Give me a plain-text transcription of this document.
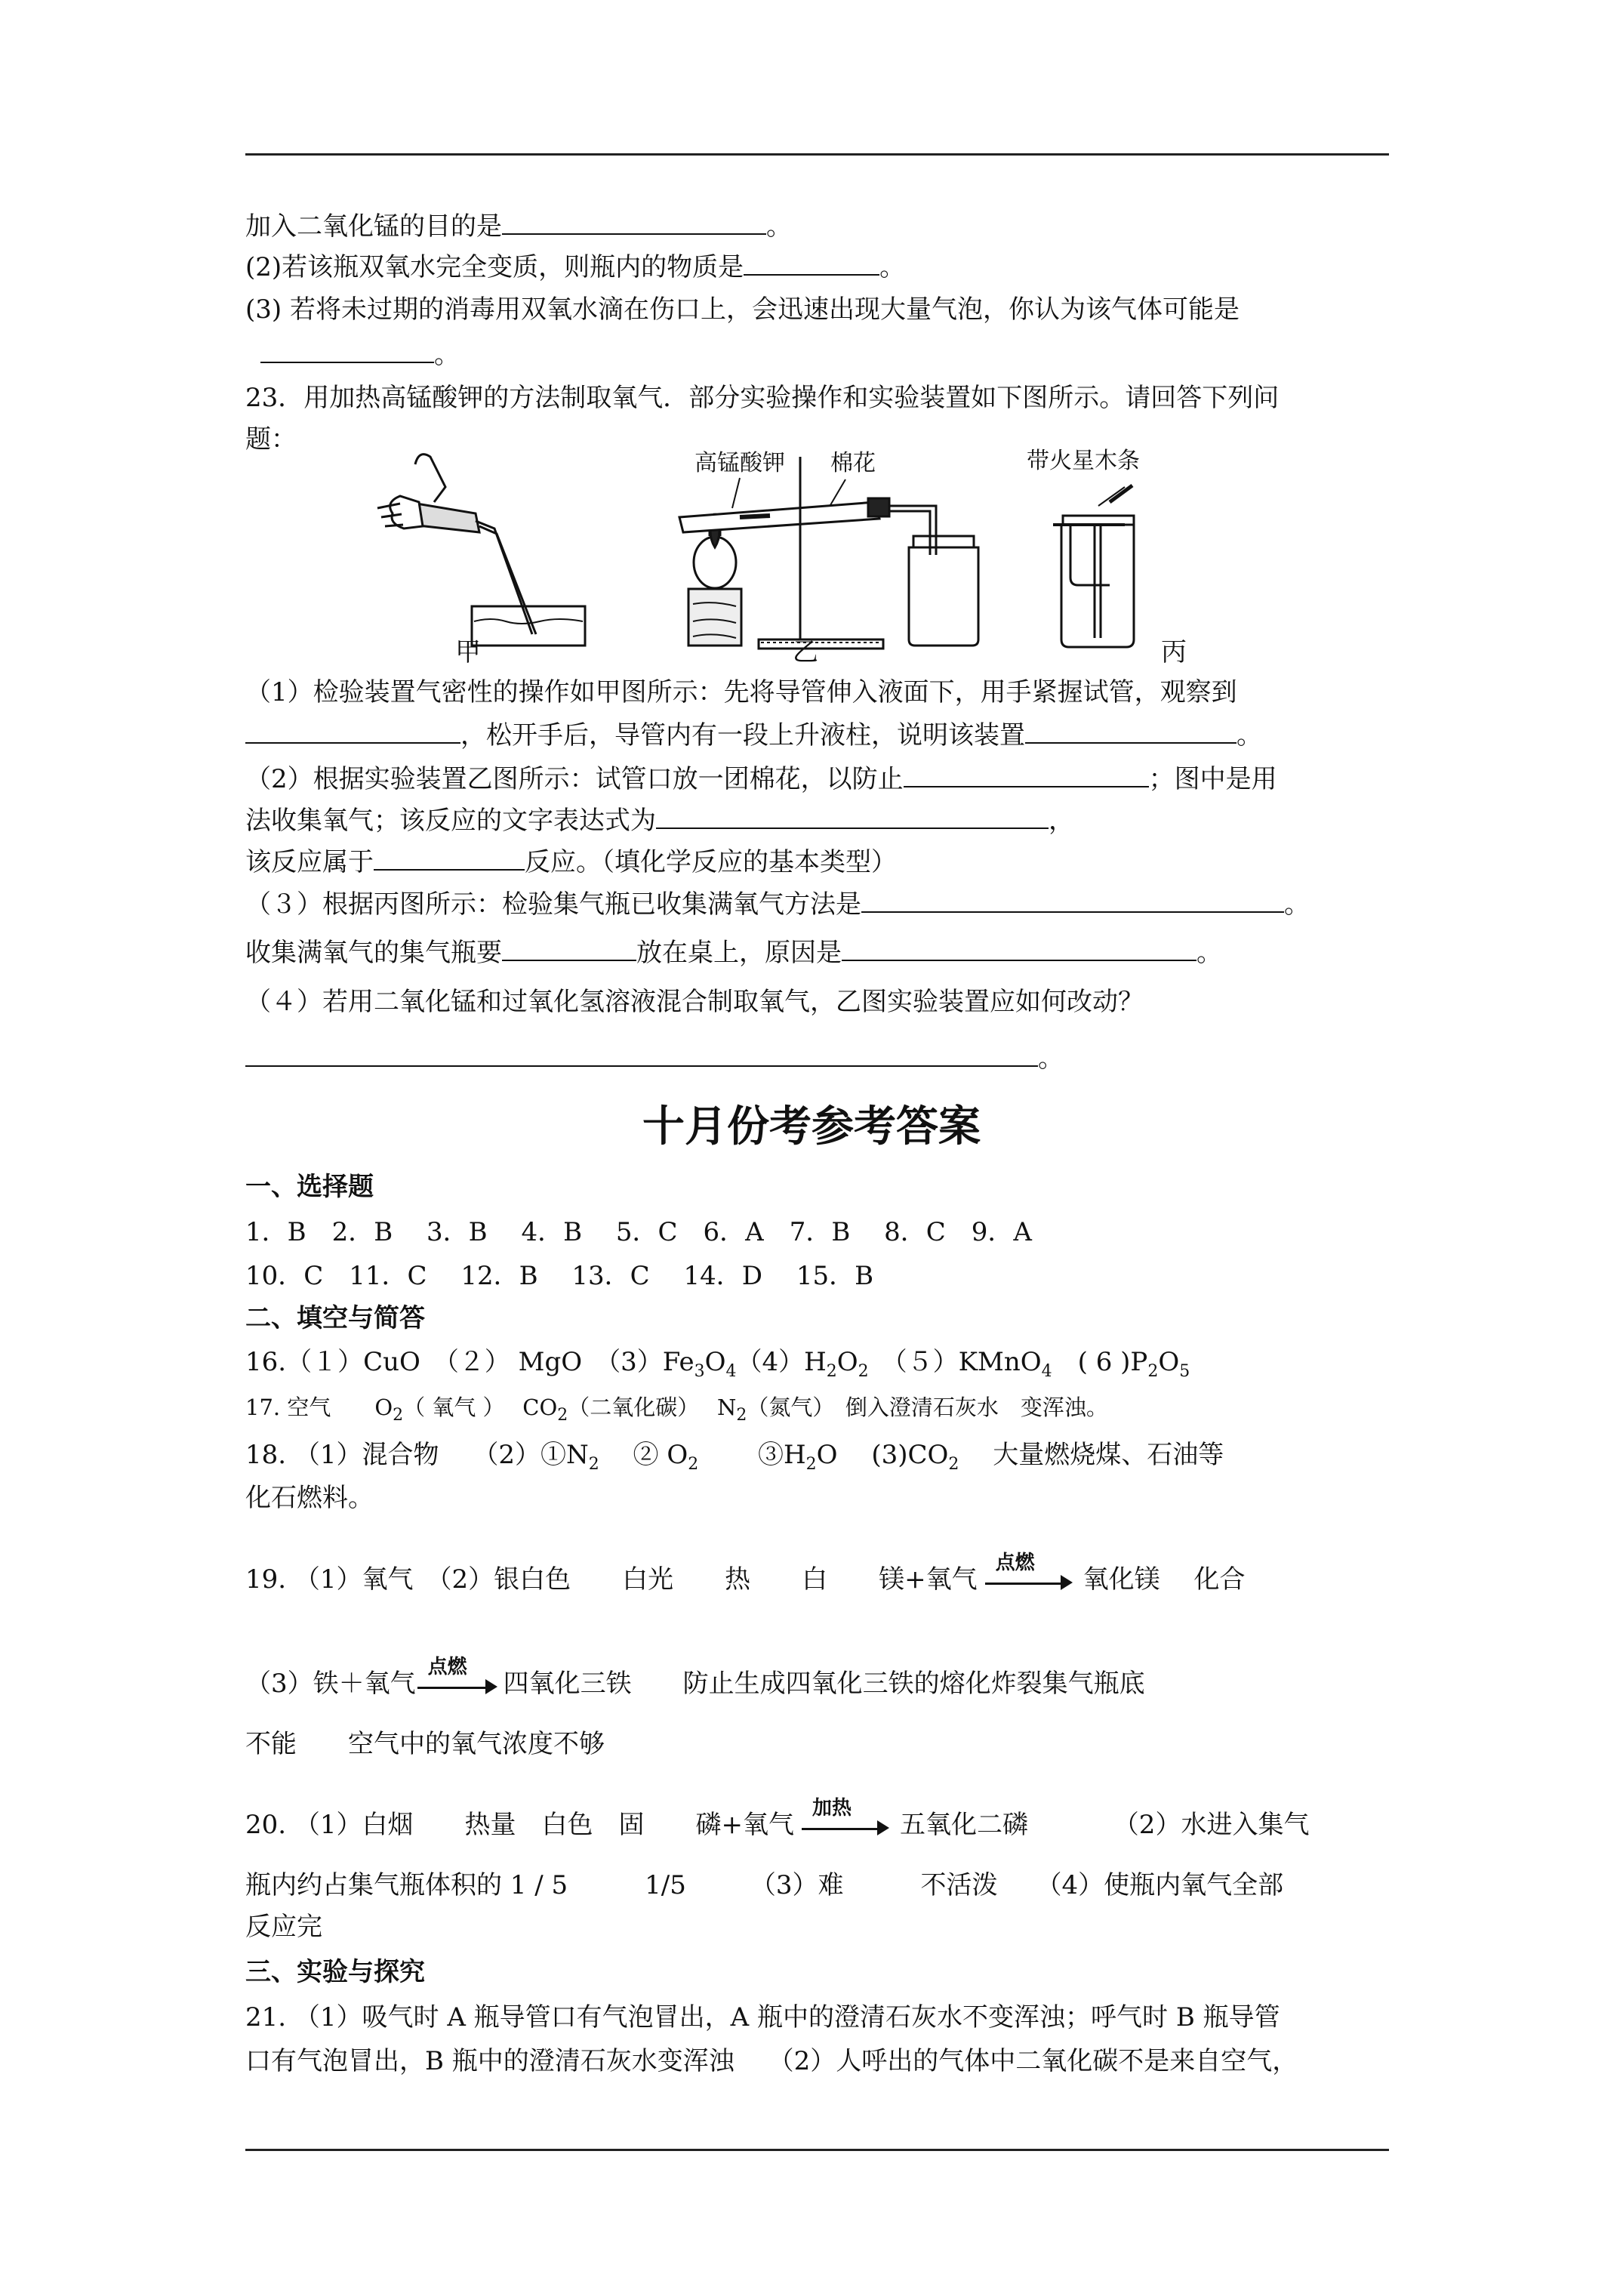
加入二氧化锰的目的是	。
(2)若该瓶双氧水完全变质，则瓶内的物质是	。
(3) 若将未过期的消毒用双氧水滴在伤口上，会迅速出现大量气泡，你认为该气体可能是
。
23．用加热高锰酸钾的方法制取氧气．部分实验操作和实验装置如下图所示。请回答下列问
题：
高锰酸钾 棉花	带火星木条
甲	乙	丙
（1）检验装置气密性的操作如甲图所示：先将导管伸入液面下，用手紧握试管，观察到
，松开手后，导管内有一段上升液柱，说明该装置	。
（2）根据实验装置乙图所示：试管口放一团棉花，以防止	；图中是用
法收集氧气；该反应的文字表达式为	，
该反应属于	反应。（填化学反应的基本类型）
（３）根据丙图所示：检验集气瓶已收集满氧气方法是	。
收集满氧气的集气瓶要	放在桌上，原因是	。
（４）若用二氧化锰和过氧化氢溶液混合制取氧气，乙图实验装置应如何改动？
。
十月份考参考答案
一、选择题
1．B　2．B　 3．B　 4．B　 5．C　6．A　7．B　 8．C　9．A
10．C　11．C　 12．B　 13．C　 14．D　 15．B
二、填空与简答
16.（１）CuO　（２） MgO　$(3)Fe_3O_4(4)H_2O_2$　（５）KMnO$_4$　( 6 )$P_2O_5$
17. 空气　　$O_2$（ 氧气 ）　 $CO_2$（二氧化碳）　 $N_2$（氮气）　倒入澄清石灰水　变浑浊。
18. （1）混合物　 $(2)①N_2$　 ② $O_2$　　 $③H_2O$　 $(3)CO_2$　 大量燃烧煤、石油等
化石燃料。
19. （1）氧气　（2）银白色　　白光　　热　　白　　镁+氧气
点燃
氧化镁　 化合
（3）铁＋氧气
点燃
四氧化三铁　　防止生成四氧化三铁的熔化炸裂集气瓶底
不能　　空气中的氧气浓度不够
20. （1）白烟　　热量　白色　固　　磷+氧气
加热
五氧化二磷　　　 （2）水进入集气
瓶内约占集气瓶体积的 1 / 5　　　1/5　　　（3）难　　　不活泼　　（4）使瓶内氧气全部
反应完
三、实验与探究
21. （1）吸气时 A 瓶导管口有气泡冒出，A 瓶中的澄清石灰水不变浑浊；呼气时 B 瓶导管
口有气泡冒出，B 瓶中的澄清石灰水变浑浊　 （2）人呼出的气体中二氧化碳不是来自空气，
